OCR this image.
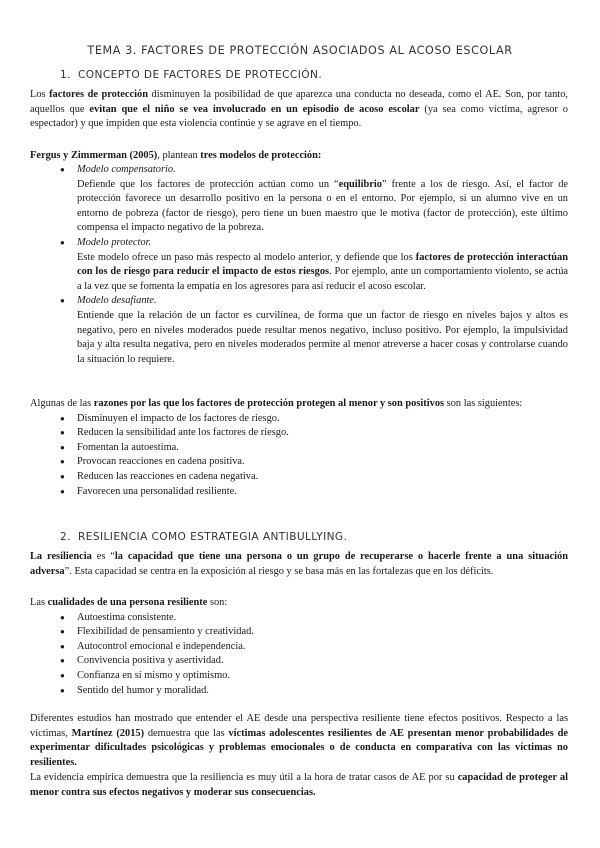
TEMA 3. FACTORES DE PROTECCIÓN ASOCIADOS AL ACOSO ESCOLAR
1. CONCEPTO DE FACTORES DE PROTECCIÓN.

Los factores de protección disminuyen la posibilidad de que aparezca una conducta no deseada, como el AE. Son, por tanto, aquellos que evitan que el niño se vea involucrado en un episodio de acoso escolar (ya sea como víctima, agresor o espectador) y que impiden que esta violencia continúe y se agrave en el tiempo.

Fergus y Zimmerman (2005), plantean tres modelos de protección:

● Modelo compensatorio.

Defiende que los factores de protección actúan como un “equilibrio” frente a los de riesgo. Así, el factor de protección favorece un desarrollo positivo en la persona o en el entorno. Por ejemplo, si un alumno vive en un entorno de pobreza (factor de riesgo), pero tiene un buen maestro que le motiva (factor de protección), este último compensa el impacto negativo de la pobreza.

● Modelo protector.

Este modelo ofrece un paso más respecto al modelo anterior, y defiende que los factores de protección interactúan con los de riesgo para reducir el impacto de estos riesgos. Por ejemplo, ante un comportamiento violento, se actúa a la vez que se fomenta la empatía en los agresores para así reducir el acoso escolar.

● Modelo desafiante.

Entiende que la relación de un factor es curvilínea, de forma que un factor de riesgo en niveles bajos y altos es negativo, pero en niveles moderados puede resultar menos negativo, incluso positivo. Por ejemplo, la impulsividad baja y alta resulta negativa, pero en niveles moderados permite al menor atreverse a hacer cosas y controlarse cuando la situación lo requiere.

Algunas de las razones por las que los factores de protección protegen al menor y son positivos son las siguientes:

● Disminuyen el impacto de los factores de riesgo.
● Reducen la sensibilidad ante los factores de riesgo.
● Fomentan la autoestima.
● Provocan reacciones en cadena positiva.
● Reducen las reacciones en cadena negativa.
● Favorecen una personalidad resiliente.
2. RESILIENCIA COMO ESTRATEGIA ANTIBULLYING.

La resiliencia es “la capacidad que tiene una persona o un grupo de recuperarse o hacerle frente a una situación adversa”. Esta capacidad se centra en la exposición al riesgo y se basa más en las fortalezas que en los déficits.

Las cualidades de una persona resiliente son:

● Autoestima consistente.
● Flexibilidad de pensamiento y creatividad.
● Autocontrol emocional e independencia.
● Convivencia positiva y asertividad.
● Confianza en sí mismo y optimismo.
● Sentido del humor y moralidad.

Diferentes estudios han mostrado que entender el AE desde una perspectiva resiliente tiene efectos positivos. Respecto a las víctimas, Martínez (2015) demuestra que las víctimas adolescentes resilientes de AE presentan menor probabilidades de experimentar dificultades psicológicas y problemas emocionales o de conducta en comparativa con las víctimas no resilientes.

La evidencia empírica demuestra que la resiliencia es muy útil a la hora de tratar casos de AE por su capacidad de proteger al menor contra sus efectos negativos y moderar sus consecuencias.
